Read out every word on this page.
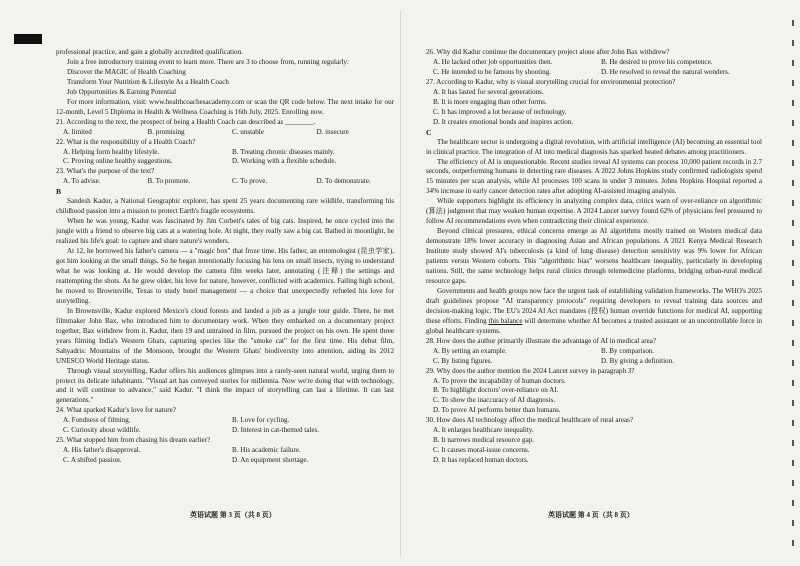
professional practice, and gain a globally accredited qualification.

Join a free introductory training event to learn more. There are 3 to choose from, running regularly:

Discover the MAGIC of Health Coaching

Transform Your Nutrition & Lifestyle As a Health Coach

Job Opportunities & Earning Potential

For more information, visit: www.healthcoachesacademy.com or scan the QR code below. The next intake for our 12-month, Level 5 Diploma in Health & Wellness Coaching is 16th July, 2025. Enrolling now.

21. According to the text, the prospect of being a Health Coach can described as ________.

A. limited	B. promising	C. unstable	D. insecure

22. What is the responsibility of a Health Coach?

A. Helping form healthy lifestyle.	B. Treating chronic diseases mainly.
C. Proving online healthy suggestions.	D. Working with a flexible schedule.

23. What's the purpose of the text?

A. To advise.	B. To promote.	C. To prove.	D. To demonstrate.

B

Sandesh Kadur, a National Geographic explorer, has spent 25 years documenting rare wildlife, transforming his childhood passion into a mission to protect Earth's fragile ecosystems.

When he was young, Kadur was fascinated by Jim Corbett's tales of big cats. Inspired, he once cycled into the jungle with a friend to observe big cats at a watering hole. At night, they really saw a big cat. Bathed in moonlight, he realized his life's goal: to capture and share nature's wonders.

At 12, he borrowed his father's camera — a "magic box" that froze time. His father, an entomologist (昆虫学家), got him looking at the small things. So he began intentionally focusing his lens on small insects, trying to understand what he was looking at. He would develop the camera film weeks later, annotating (注释) the settings and reattempting the shots. As he grew older, his love for nature, however, conflicted with academics. Failing high school, he moved to Brownsville, Texas to study hotel management — a choice that unexpectedly refueled his love for storytelling.

In Brownsville, Kadur explored Mexico's cloud forests and landed a job as a jungle tour guide. There, he met filmmaker John Bax, who introduced him to documentary work. When they embarked on a documentary project together, Bax withdrew from it. Kadur, then 19 and untrained in film, pursued the project on his own. He spent three years filming India's Western Ghats, capturing species like the "smoke cat" for the first time. His debut film, Sahyadris: Mountains of the Monsoon, brought the Western Ghats' biodiversity into attention, aiding its 2012 UNESCO World Heritage status.

Through visual storytelling, Kadur offers his audiences glimpses into a rarely-seen natural world, urging them to protect its delicate inhabitants. "Visual art has conveyed stories for millennia. Now we're doing that with technology, and it will continue to advance," said Kadur. "I think the impact of storytelling can last a lifetime. It can last generations."

24. What sparked Kadur's love for nature?

A. Fondness of filming.	B. Love for cycling.
C. Curiosity about wildlife.	D. Interest in cat-themed tales.

25. What stopped him from chasing his dream earlier?

A. His father's disapproval.	B. His academic failure.
C. A shifted passion.	D. An equipment shortage.

26. Why did Kadur continue the documentary project alone after John Bax withdrew?

A. He lacked other job opportunities then.	B. He desired to prove his competence.
C. He intended to be famous by shooting.	D. He resolved to reveal the natural wonders.

27. According to Kadur, why is visual storytelling crucial for environmental protection?

A. It has lasted for several generations.

B. It is more engaging than other forms.

C. It has improved a lot because of technology.

D. It creates emotional bonds and inspires action.

C

The healthcare sector is undergoing a digital revolution, with artificial intelligence (AI) becoming an essential tool in clinical practice. The integration of AI into medical diagnosis has sparked heated debates among practitioners.

The efficiency of AI is unquestionable. Recent studies reveal AI systems can process 10,000 patient records in 2.7 seconds, outperforming humans in detecting rare diseases. A 2022 Johns Hopkins study confirmed radiologists spend 15 minutes per scan analysis, while AI processes 100 scans in under 3 minutes. Johns Hopkins Hospital reported a 34% increase in early cancer detection rates after adopting AI-assisted imaging analysis.

While supporters highlight its efficiency in analyzing complex data, critics warn of over-reliance on algorithmic (算法) judgment that may weaken human expertise. A 2024 Lancet survey found 62% of physicians feel pressured to follow AI recommendations even when contradicting their clinical experience.

Beyond clinical pressures, ethical concerns emerge as AI algorithms mostly trained on Western medical data demonstrate 18% lower accuracy in diagnosing Asian and African populations. A 2021 Kenya Medical Research Institute study showed AI's tuberculosis (a kind of lung disease) detection sensitivity was 9% lower for African patients versus Western cohorts. This "algorithmic bias" worsens healthcare inequality, particularly in developing nations. Still, the same technology helps rural clinics through telemedicine platforms, bridging urban-rural medical resource gaps.

Governments and health groups now face the urgent task of establishing validation frameworks. The WHO's 2025 draft guidelines propose "AI transparency protocols" requiring developers to reveal training data sources and decision-making logic. The EU's 2024 AI Act mandates (授权) human override functions for medical AI, supporting these efforts. Finding this balance will determine whether AI becomes a trusted assistant or an uncontrollable force in global healthcare systems.

28. How does the author primarily illustrate the advantage of AI in medical area?

A. By setting an example.	B. By comparison.
C. By listing figures.	D. By giving a definition.

29. Why does the author mention the 2024 Lancet survey in paragraph 3?

A. To prove the incapability of human doctors.

B. To highlight doctors' over-reliance on AI.

C. To show the inaccuracy of AI diagnosis.

D. To prove AI performs better than humans.

30. How does AI technology affect the medical healthcare of rural areas?

A. It enlarges healthcare inequality.

B. It narrows medical resource gap.

C. It causes moral-issue concerns.

D. It has replaced human doctors.

英语试题 第 3 页（共 8 页）	英语试题 第 4 页（共 8 页）
